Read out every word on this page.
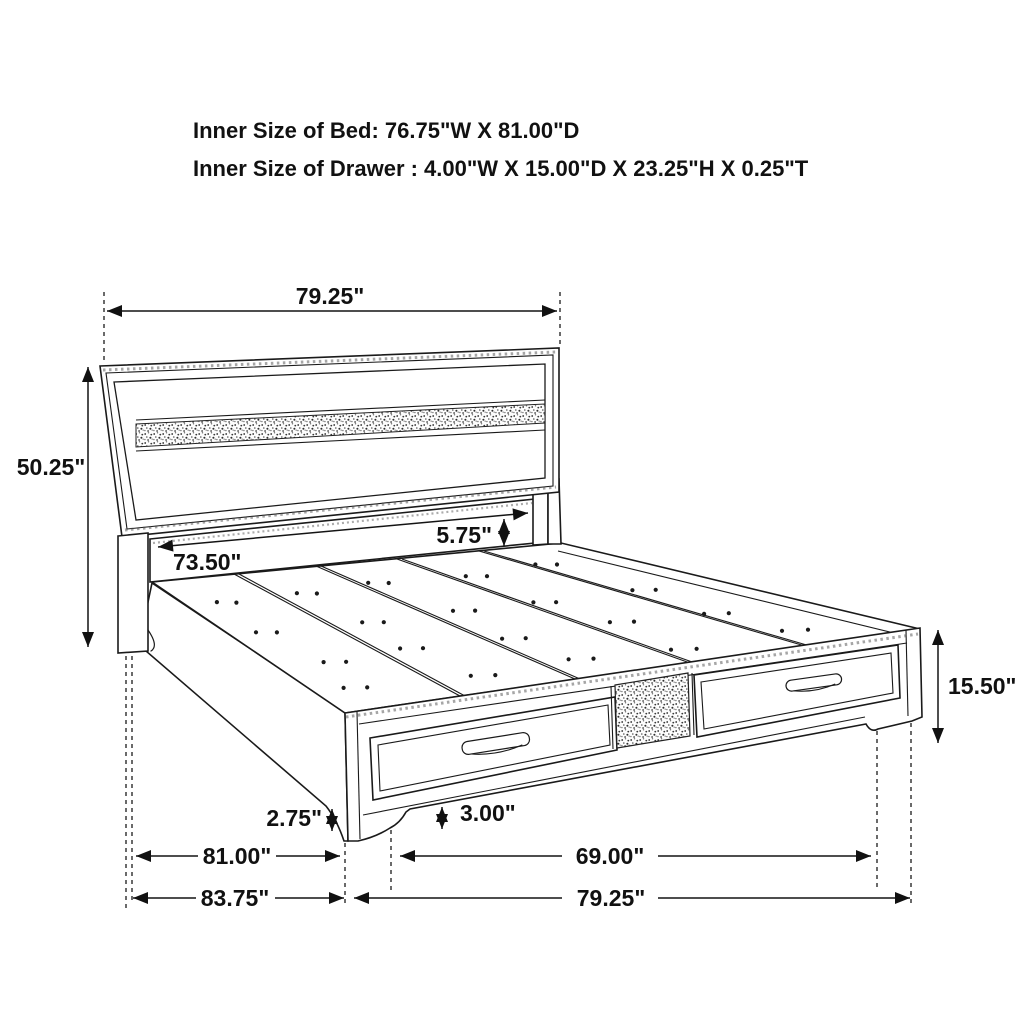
Inner Size of Bed: 76.75"W X 81.00"D
Inner Size of Drawer : 4.00"W X 15.00"D X 23.25"H X 0.25"T
79.25"
50.25"
73.50"
5.75"
15.50"
2.75"	3.00"
81.00"	69.00"
83.75"	79.25"
